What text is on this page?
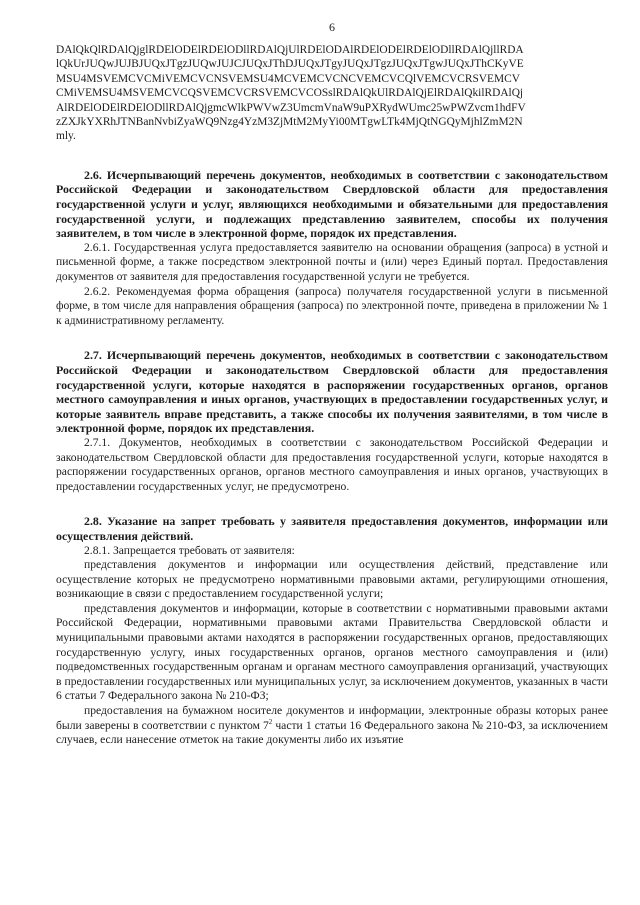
6
DAlQkQlRDAlQjglRDElODElRDElODllRDAlQjUlRDElODAlRDElODElRDElODllRDAlQjllRDA
lQkUrJUQwJUJBJUQxJTgzJUQwJUJCJUQxJThDJUQxJTgyJUQxJTgzJUQxJTgwJUQxJThCKyVE
MSU4MSVEMCVCMiVEMCVCNSVEMSU4MCVEMCVCNCVEMCVCQlVEMCVCRSVEMCV
CMiVEMSU4MSVEMCVCQSVEMCVCRSVEMCVCOSslRDAlQkUlRDAlQjElRDAlQkilRDAlQj
AlRDElODElRDElODllRDAlQjgmcWlkPWVwZ3UmcmVnaW9uPXRydWUmc25wPWZvcm1hdFV
zZXJkYXRhJTNBanNvbiZyaWQ9Nzg4YzM3ZjMtM2MyYi00MTgwLTk4MjQtNGQyMjhlZmM2N
mly.

2.6. Исчерпывающий перечень документов, необходимых в соответствии с законодательством Российской Федерации и законодательством Свердловской области для предоставления государственной услуги и услуг, являющихся необходимыми и обязательными для предоставления государственной услуги, и подлежащих представлению заявителем, способы их получения заявителем, в том числе в электронной форме, порядок их представления.

2.6.1. Государственная услуга предоставляется заявителю на основании обращения (запроса) в устной и письменной форме, а также посредством электронной почты и (или) через Единый портал. Предоставления документов от заявителя для предоставления государственной услуги не требуется.

2.6.2. Рекомендуемая форма обращения (запроса) получателя государственной услуги в письменной форме, в том числе для направления обращения (запроса) по электронной почте, приведена в приложении № 1 к административному регламенту.

2.7. Исчерпывающий перечень документов, необходимых в соответствии с законодательством Российской Федерации и законодательством Свердловской области для предоставления государственной услуги, которые находятся в распоряжении государственных органов, органов местного самоуправления и иных органов, участвующих в предоставлении государственных услуг, и которые заявитель вправе представить, а также способы их получения заявителями, в том числе в электронной форме, порядок их представления.

2.7.1. Документов, необходимых в соответствии с законодательством Российской Федерации и законодательством Свердловской области для предоставления государственной услуги, которые находятся в распоряжении государственных органов, органов местного самоуправления и иных органов, участвующих в предоставлении государственных услуг, не предусмотрено.

2.8. Указание на запрет требовать у заявителя предоставления документов, информации или осуществления действий.

2.8.1. Запрещается требовать от заявителя:

представления документов и информации или осуществления действий, представление или осуществление которых не предусмотрено нормативными правовыми актами, регулирующими отношения, возникающие в связи с предоставлением государственной услуги;

представления документов и информации, которые в соответствии с нормативными правовыми актами Российской Федерации, нормативными правовыми актами Правительства Свердловской области и муниципальными правовыми актами находятся в распоряжении государственных органов, предоставляющих государственную услугу, иных государственных органов, органов местного самоуправления и (или) подведомственных государственным органам и органам местного самоуправления организаций, участвующих в предоставлении государственных или муниципальных услуг, за исключением документов, указанных в части 6 статьи 7 Федерального закона № 210-ФЗ;

предоставления на бумажном носителе документов и информации, электронные образы которых ранее были заверены в соответствии с пунктом $7^2$ части 1 статьи 16 Федерального закона № 210-ФЗ, за исключением случаев, если нанесение отметок на такие документы либо их изъятие
